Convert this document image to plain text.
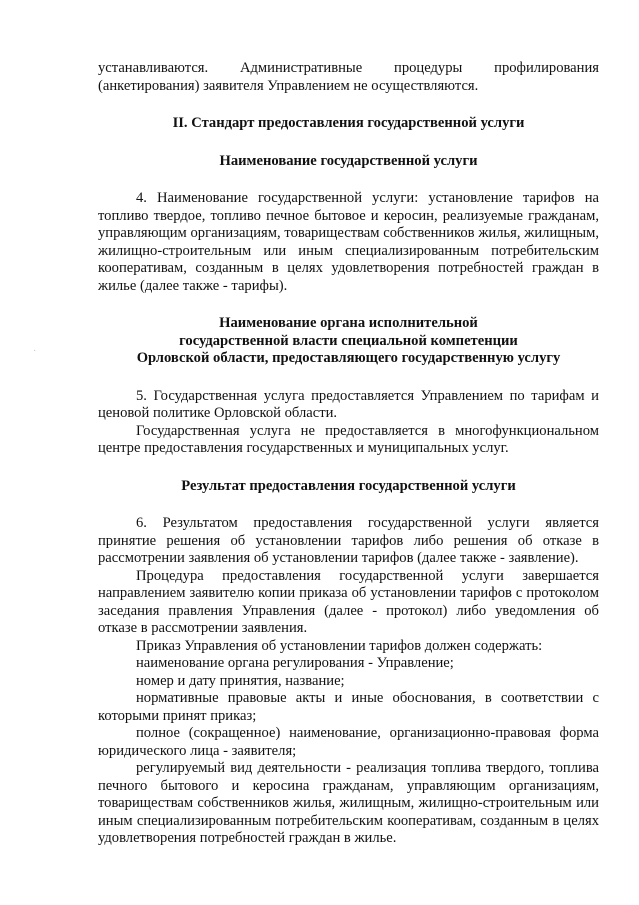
устанавливаются. Административные процедуры профилирования (анкетирования) заявителя Управлением не осуществляются.

II. Стандарт предоставления государственной услуги

Наименование государственной услуги

4. Наименование государственной услуги: установление тарифов на топливо твердое, топливо печное бытовое и керосин, реализуемые гражданам, управляющим организациям, товариществам собственников жилья, жилищным, жилищно-строительным или иным специализированным потребительским кооперативам, созданным в целях удовлетворения потребностей граждан в жилье (далее также - тарифы).

Наименование органа исполнительной

государственной власти специальной компетенции

Орловской области, предоставляющего государственную услугу

5. Государственная услуга предоставляется Управлением по тарифам и ценовой политике Орловской области.

Государственная услуга не предоставляется в многофункциональном центре предоставления государственных и муниципальных услуг.

Результат предоставления государственной услуги

6. Результатом предоставления государственной услуги является принятие решения об установлении тарифов либо решения об отказе в рассмотрении заявления об установлении тарифов (далее также - заявление).

Процедура предоставления государственной услуги завершается направлением заявителю копии приказа об установлении тарифов с протоколом заседания правления Управления (далее - протокол) либо уведомления об отказе в рассмотрении заявления.

Приказ Управления об установлении тарифов должен содержать:

наименование органа регулирования - Управление;

номер и дату принятия, название;

нормативные правовые акты и иные обоснования, в соответствии с которыми принят приказ;

полное (сокращенное) наименование, организационно-правовая форма юридического лица - заявителя;

регулируемый вид деятельности - реализация топлива твердого, топлива печного бытового и керосина гражданам, управляющим организациям, товариществам собственников жилья, жилищным, жилищно-строительным или иным специализированным потребительским кооперативам, созданным в целях удовлетворения потребностей граждан в жилье.

·
